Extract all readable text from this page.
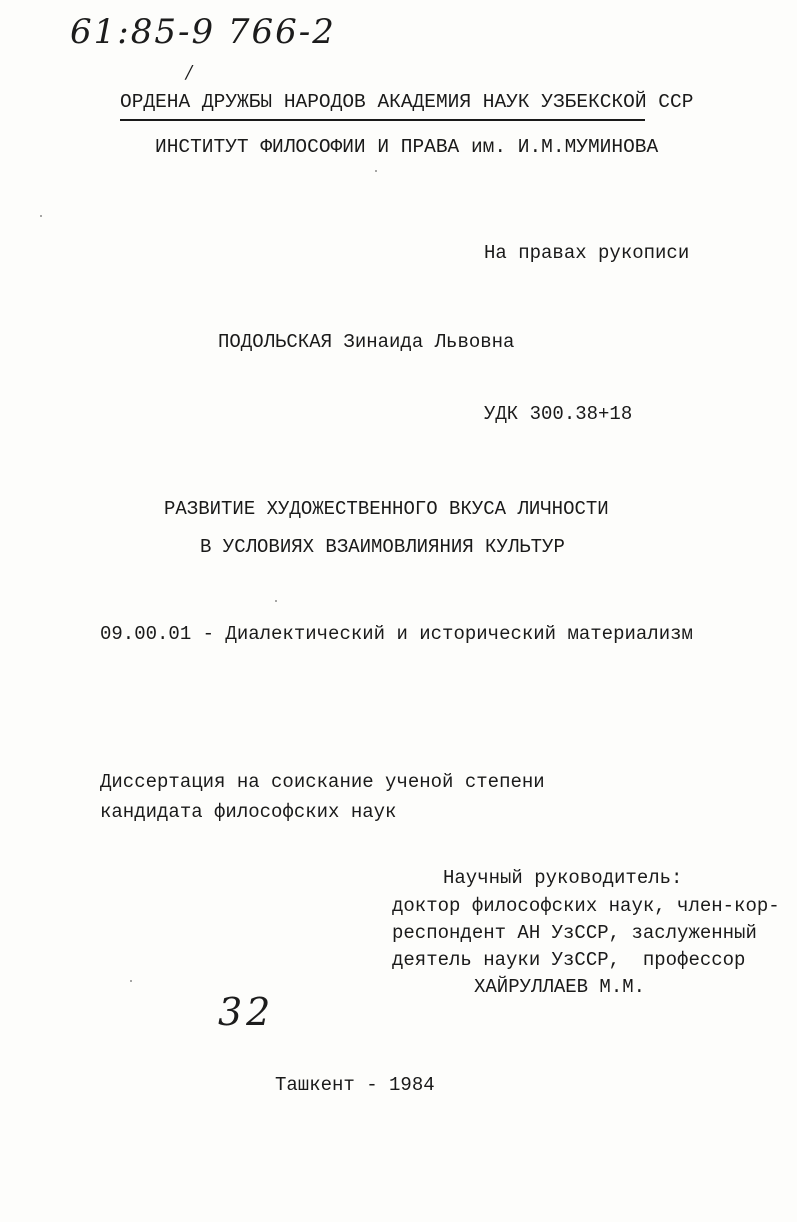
61:85-9 766-2
/
32
ОРДЕНА ДРУЖБЫ НАРОДОВ АКАДЕМИЯ НАУК УЗБЕКСКОЙ ССР
ИНСТИТУТ ФИЛОСОФИИ И ПРАВА им. И.М.МУМИНОВА
На правах рукописи
ПОДОЛЬСКАЯ Зинаида Львовна
УДК 300.38+18
РАЗВИТИЕ ХУДОЖЕСТВЕННОГО ВКУСА ЛИЧНОСТИ
В УСЛОВИЯХ ВЗАИМОВЛИЯНИЯ КУЛЬТУР
09.00.01 - Диалектический и исторический материализм
Диссертация на соискание ученой степени
кандидата философских наук
Научный руководитель:
доктор философских наук, член-кор-
респондент АН УзССР, заслуженный
деятель науки УзССР,  профессор
ХАЙРУЛЛАЕВ М.М.
Ташкент - 1984
